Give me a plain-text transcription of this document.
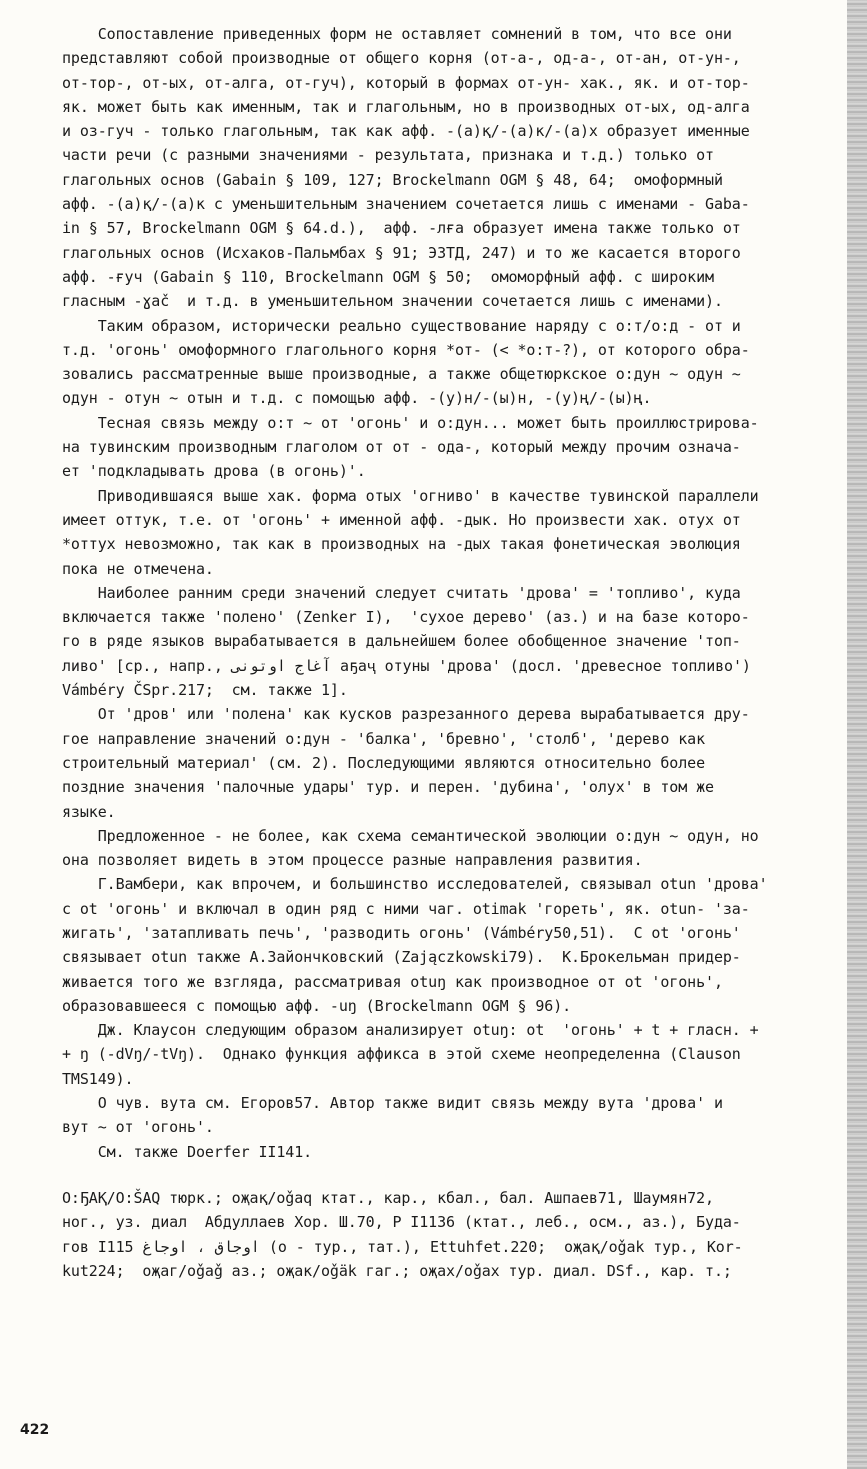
Сопоставление приведенных форм не оставляет сомнений в том, что все они
представляют собой производные от общего корня (от-а-, од-а-, от-ан, от-ун-,
от-тор-, от-ых, от-алга, от-гуч), который в формах от-ун- хак., як. и от-тор-
як. может быть как именным, так и глагольным, но в производных от-ых, од-алга
и оз-гуч - только глагольным, так как афф. -(а)қ/-(а)к/-(а)х образует именные
части речи (с разными значениями - результата, признака и т.д.) только от
глагольных основ (Gabain § 109, 127; Brockelmann OGM § 48, 64;  омоформный
афф. -(а)қ/-(а)к с уменьшительным значением сочетается лишь с именами - Gaba-
in § 57, Brockelmann OGM § 64.d.),  афф. -лға образует имена также только от
глагольных основ (Исхаков-Пальмбах § 91; ЭЗТД, 247) и то же касается второго
афф. -ғуч (Gabain § 110, Brockelmann OGM § 50;  омоморфный афф. с широким
гласным -ɣač  и т.д. в уменьшительном значении сочетается лишь с именами).
Таким образом, исторически реально существование наряду с о:т/о:д - от и
т.д. 'огонь' омоформного глагольного корня *от- (< *о:т-?), от которого обра-
зовались рассматренные выше производные, а также общетюркское о:дун ~ одун ~
одун - отун ~ отын и т.д. с помощью афф. -(у)н/-(ы)н, -(у)ң/-(ы)ң.
Тесная связь между о:т ~ от 'огонь' и о:дун... может быть проиллюстрирова-
на тувинским производным глаголом от от - ода-, который между прочим означа-
ет 'подкладывать дрова (в огонь)'.
Приводившаяся выше хак. форма отых 'огниво' в качестве тувинской параллели
имеет оттук, т.е. от 'огонь' + именной афф. -дык. Но произвести хак. отух от
*оттух невозможно, так как в производных на -дых такая фонетическая эволюция
пока не отмечена.
Наиболее ранним среди значений следует считать 'дрова' = 'топливо', куда
включается также 'полено' (Zenker I),  'сухое дерево' (аз.) и на базе которо-
го в ряде языков вырабатывается в дальнейшем более обобщенное значение 'топ-
ливо' [ср., напр., آغاج اوتونی аҕаҷ отуны 'дрова' (досл. 'древесное топливо')
Vámbéry ČSpr.217;  см. также 1].
От 'дров' или 'полена' как кусков разрезанного дерева вырабатывается дру-
гое направление значений о:дун - 'балка', 'бревно', 'столб', 'дерево как
строительный материал' (см. 2). Последующими являются относительно более
поздние значения 'палочные удары' тур. и перен. 'дубина', 'олух' в том же
языке.
Предложенное - не более, как схема семантической эволюции о:дун ~ одун, но
она позволяет видеть в этом процессе разные направления развития.
Г.Вамбери, как впрочем, и большинство исследователей, связывал otun 'дрова'
с ot 'огонь' и включал в один ряд с ними чаг. otimak 'гореть', як. otun- 'за-
жигать', 'затапливать печь', 'разводить огонь' (Vámbéry50,51).  С ot 'огонь'
связывает otun также А.Зайончковский (Zajączkowski79).  К.Брокельман придер-
живается того же взгляда, рассматривая otuŋ как производное от ot 'огонь',
образовавшееся с помощью афф. -uŋ (Brockelmann OGM § 96).
Дж. Клаусон следующим образом анализирует otuŋ: ot  'огонь' + t + гласн. +
+ ŋ (-dVŋ/-tVŋ).  Однако функция аффикса в этой схеме неопределенна (Clauson
TMS149).
О чув. вута см. Егоров57. Автор также видит связь между вута 'дрова' и
вут ~ от 'огонь'.
См. также Doerfer II141.
O:ҔAҚ/O:ŠAQ тюрк.; оҗақ/oǧaq ктат., кар., кбал., бал. Ашпаев71, Шаумян72,
ног., уз. диал  Абдуллаев Хор. Ш.70, Р I1136 (ктат., леб., осм., аз.), Буда-
гов I115 اوجاق ، اوجاغ (о - тур., тат.), Ettuhfet.220;  оҗақ/oǧak тур., Kor-
kut224;  оҗаг/oǧaǧ аз.; оҗак/oǧäk гаг.; оҗах/oǧax тур. диал. DSf., кар. т.;
422
